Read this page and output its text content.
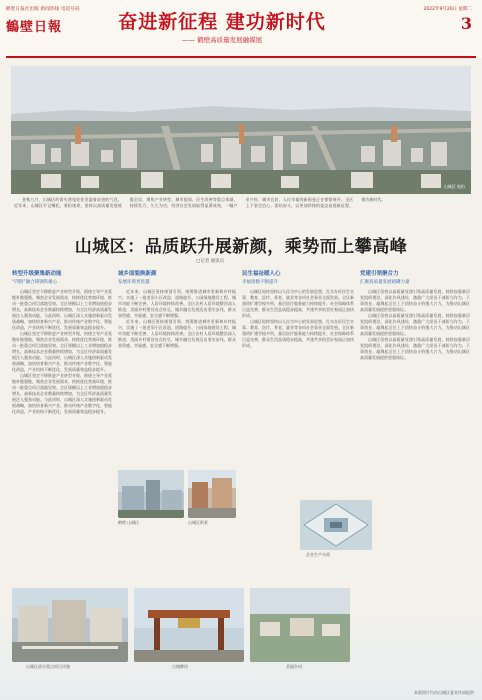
鹤壁日报社出版 新闻热线 电话号码
鶴壁日報	奋进新征程 建功新时代
—— 鹤壁高质量发展融媒展
2022年9月20日 星期二
3
山城区 航拍

金秋九月，山城区的街头巷尾处处洋溢着奋进的气息。近年来，山城区牢记嘱托、勇担使命，坚持以高质量发展统揽全局，聚焦产业转型、城市提质、民生改善等重点领域，持续发力、久久为功，经济社会发展取得显著成效，一幅产业兴旺、城市宜居、人民幸福的新画卷正在徐徐展开。全区上下坚定信心、团结奋斗，以更加昂扬的姿态奋进新征程、建功新时代。

山城区：品质跃升展新颜，乘势而上攀高峰
□记者 通讯员
转型升级聚集新动能
“四链”融合铸钢铁雄心

山城区坚定不移推进产业转型升级，围绕主导产业延链补链强链，聚焦企业发展需求，持续优化营商环境，推动一批重点项目落地见效。全区规模以上工业增加值稳步增长，高新技术企业数量持续增加，为全区经济高质量发展注入强劲动能。与此同时，山城区深入实施创新驱动发展战略，加快培育新兴产业，推动传统产业数字化、智能化改造，产业结构不断优化，发展质量效益稳步提升。

山城区坚定不移推进产业转型升级，围绕主导产业延链补链强链，聚焦企业发展需求，持续优化营商环境，推动一批重点项目落地见效。全区规模以上工业增加值稳步增长，高新技术企业数量持续增加，为全区经济高质量发展注入强劲动能。与此同时，山城区深入实施创新驱动发展战略，加快培育新兴产业，推动传统产业数字化、智能化改造，产业结构不断优化，发展质量效益稳步提升。

山城区坚定不移推进产业转型升级，围绕主导产业延链补链强链，聚焦企业发展需求，持续优化营商环境，推动一批重点项目落地见效。全区规模以上工业增加值稳步增长，高新技术企业数量持续增加，为全区经济高质量发展注入强劲动能。与此同时，山城区深入实施创新驱动发展战略，加快培育新兴产业，推动传统产业数字化、智能化改造，产业结构不断优化，发展质量效益稳步提升。

城乡面貌焕新颜
发展环境更优越

近年来，山城区坚持规划引领，统筹推进城市更新和乡村振兴，实施了一批老旧小区改造、道路提升、公园绿地建设工程，城市功能不断完善，人居环境持续改善。全区农村人居环境整治深入推进，美丽乡村建设亮点纷呈，城乡融合发展迈出坚实步伐，群众获得感、幸福感、安全感不断增强。

近年来，山城区坚持规划引领，统筹推进城市更新和乡村振兴，实施了一批老旧小区改造、道路提升、公园绿地建设工程，城市功能不断完善，人居环境持续改善。全区农村人居环境整治深入推进，美丽乡村建设亮点纷呈，城乡融合发展迈出坚实步伐，群众获得感、幸福感、安全感不断增强。

民生福祉暖人心
幸福指数不断提升

山城区始终坚持以人民为中心的发展思想，扎实办好民生实事，教育、医疗、养老、就业等各项社会事业全面发展。全区新建改扩建学校多所，基层医疗服务能力持续提升，社会保障体系日益完善，群众生活品质稳步提高，共建共享的美好家园正加快形成。

山城区始终坚持以人民为中心的发展思想，扎实办好民生实事，教育、医疗、养老、就业等各项社会事业全面发展。全区新建改扩建学校多所，基层医疗服务能力持续提升，社会保障体系日益完善，群众生活品质稳步提高，共建共享的美好家园正加快形成。

党建引领聚合力
汇聚高质量发展磅礴力量

山城区坚持以高质量党建引领高质量发展，持续加强基层党组织建设，深化作风建设，激励广大党员干部担当作为、干事创业，凝聚起全区上下团结奋斗的强大合力，为推动山城区高质量发展提供坚强保证。

山城区坚持以高质量党建引领高质量发展，持续加强基层党组织建设，深化作风建设，激励广大党员干部担当作为、干事创业，凝聚起全区上下团结奋斗的强大合力，为推动山城区高质量发展提供坚强保证。

山城区坚持以高质量党建引领高质量发展，持续加强基层党组织建设，深化作风建设，激励广大党员干部担当作为、干事创业，凝聚起全区上下团结奋斗的强大合力，为推动山城区高质量发展提供坚强保证。

鹤壁 山城区	山城区街景
企业生产车间
山城区部分重点项目风貌	古城牌坊	美丽乡村
本版图片均由山城区委宣传部提供
